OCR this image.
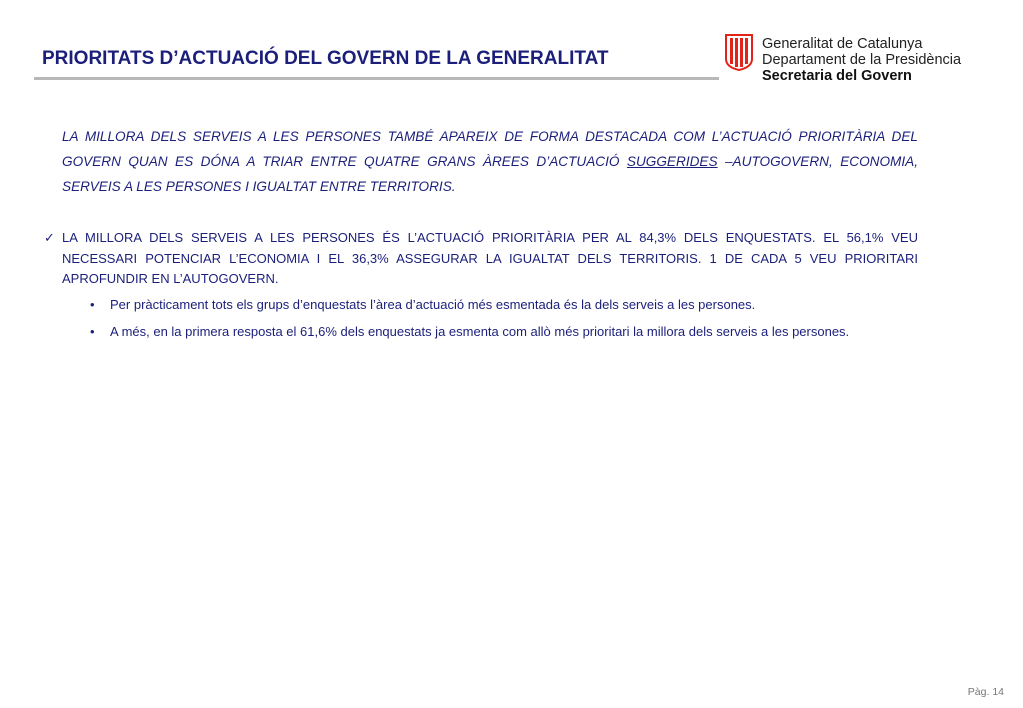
PRIORITATS D’ACTUACIÓ DEL GOVERN DE LA GENERALITAT
Generalitat de Catalunya
Departament de la Presidència
Secretaria del Govern
LA MILLORA DELS SERVEIS A LES PERSONES TAMBÉ APAREIX DE FORMA DESTACADA COM L’ACTUACIÓ PRIORITÀRIA DEL GOVERN QUAN ES DÓNA A TRIAR ENTRE QUATRE GRANS ÀREES D’ACTUACIÓ SUGGERIDES –AUTOGOVERN, ECONOMIA, SERVEIS A LES PERSONES I IGUALTAT ENTRE TERRITORIS.
✓ LA MILLORA DELS SERVEIS A LES PERSONES ÉS L’ACTUACIÓ PRIORITÀRIA PER AL 84,3% DELS ENQUESTATS. EL 56,1% VEU NECESSARI POTENCIAR L’ECONOMIA I EL 36,3% ASSEGURAR LA IGUALTAT DELS TERRITORIS. 1 DE CADA 5 VEU PRIORITARI APROFUNDIR EN L’AUTOGOVERN.
• Per pràcticament tots els grups d’enquestats l’àrea d’actuació més esmentada és la dels serveis a les persones.
• A més, en la primera resposta el 61,6% dels enquestats ja esmenta com allò més prioritari la millora dels serveis a les persones.
Pàg. 14
